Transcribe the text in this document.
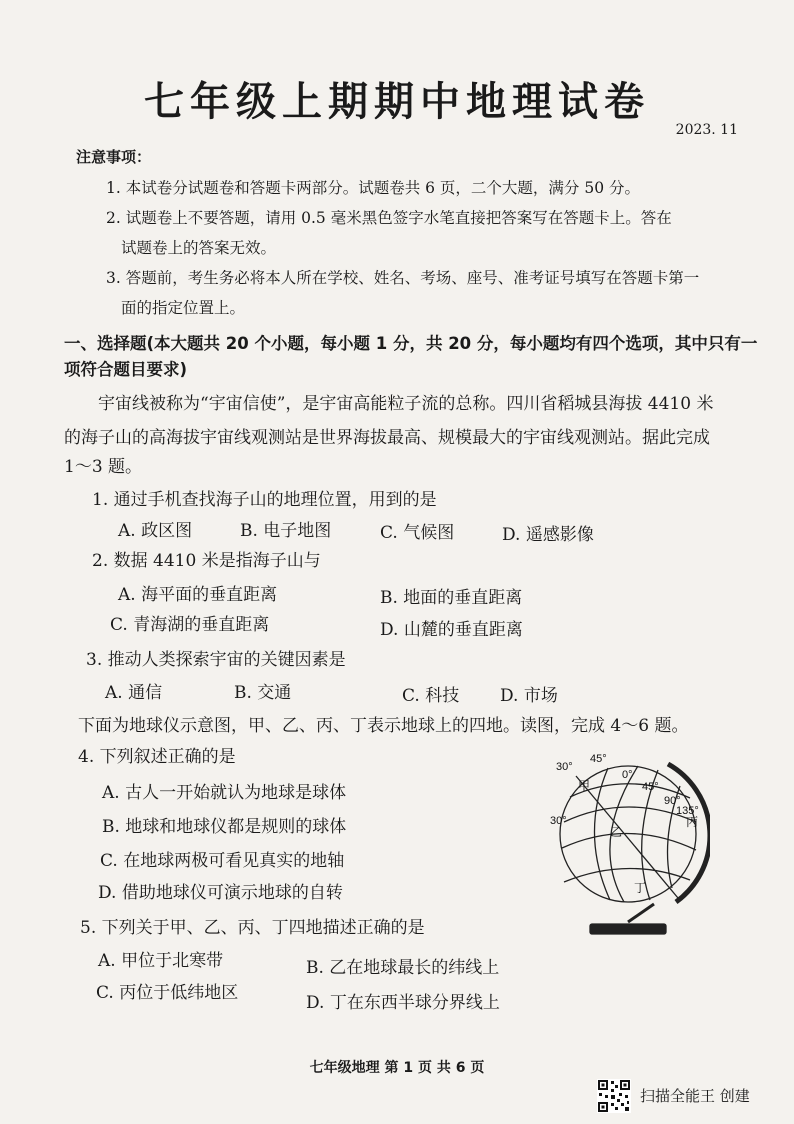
七年级上期期中地理试卷
2023. 11
注意事项：
1. 本试卷分试题卷和答题卡两部分。试题卷共 6 页，二个大题，满分 50 分。
2. 试题卷上不要答题，请用 0.5 毫米黑色签字水笔直接把答案写在答题卡上。答在
试题卷上的答案无效。
3. 答题前，考生务必将本人所在学校、姓名、考场、座号、准考证号填写在答题卡第一
面的指定位置上。
一、选择题(本大题共 20 个小题，每小题 1 分，共 20 分，每小题均有四个选项，其中只有一
项符合题目要求)
宇宙线被称为“宇宙信使”，是宇宙高能粒子流的总称。四川省稻城县海拔 4410 米
的海子山的高海拔宇宙线观测站是世界海拔最高、规模最大的宇宙线观测站。据此完成
1～3 题。
1. 通过手机查找海子山的地理位置，用到的是
A. 政区图	B. 电子地图	C. 气候图	D. 遥感影像
2. 数据 4410 米是指海子山与
A. 海平面的垂直距离	B. 地面的垂直距离
C. 青海湖的垂直距离	D. 山麓的垂直距离
3. 推动人类探索宇宙的关键因素是
A. 通信	B. 交通	C. 科技 D. 市场
下面为地球仪示意图，甲、乙、丙、丁表示地球上的四地。读图，完成 4～6 题。
4. 下列叙述正确的是
A. 古人一开始就认为地球是球体
B. 地球和地球仪都是规则的球体
C. 在地球两极可看见真实的地轴
D. 借助地球仪可演示地球的自转
5. 下列关于甲、乙、丙、丁四地描述正确的是
A. 甲位于北寒带	B. 乙在地球最长的纬线上
C. 丙位于低纬地区	D. 丁在东西半球分界线上
30°
30°
45°
0°
45°
90°
135°
甲
乙
丙
丁
七年级地理 第 1 页 共 6 页
扫描全能王 创建
